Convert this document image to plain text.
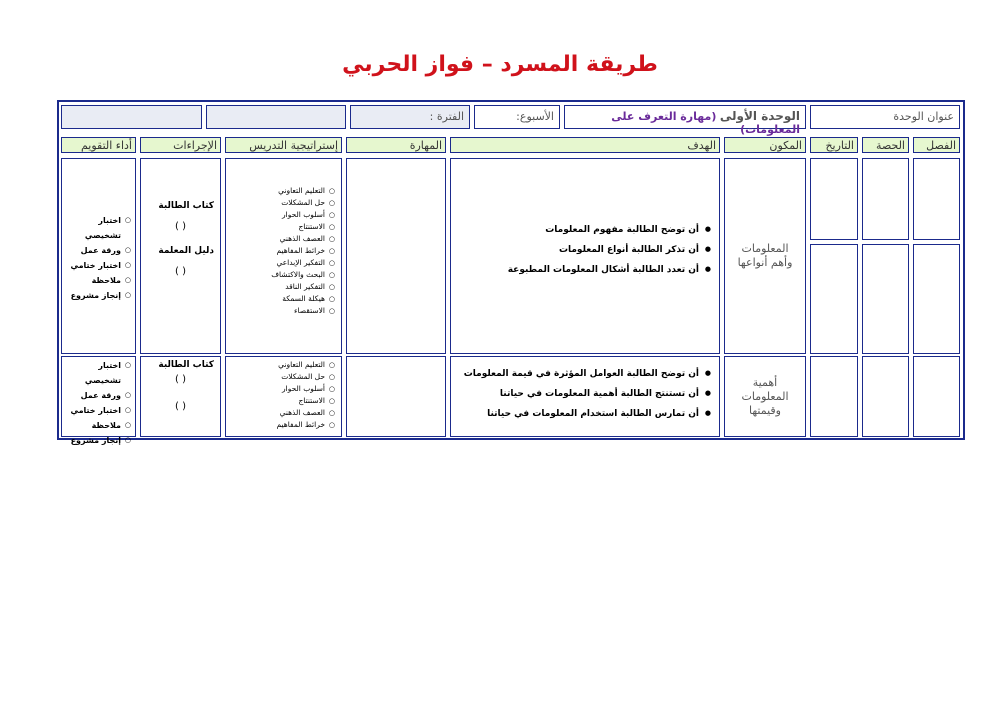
طريقة المسرد – فواز الحربي
عنوان الوحدة
الوحدة الأولى (مهارة التعرف على المعلومات)
الأسبوع:
الفترة :
الفصل
الحصة
التاريخ
المكون
الهدف
المهارة
إستراتيجية التدريس
الإجراءات
أداء التقويم
المعلومات وأهم أنواعها
● أن توضح الطالبة مفهوم المعلومات
● أن تذكر الطالبة أنواع المعلومات
● أن تعدد الطالبة أشكال المعلومات المطبوعة
○ التعليم التعاوني
○ حل المشكلات
○ أسلوب الحوار
○ الاستنتاج
○ العصف الذهني
○ خرائط المفاهيم
○ التفكير الإبداعي
○ البحث والاكتشاف
○ التفكير الناقد
○ هيكلة السمكة
○ الاستقصاء
كتاب الطالبة
( )
دليل المعلمة
( )
○ اختبار تشخيصي
○ ورقة عمل
○ اختبار ختامي
○ ملاحظة
○ إنجاز مشروع
أهمية المعلومات وقيمتها
● أن توضح الطالبة العوامل المؤثرة في قيمة المعلومات
● أن تستنتج الطالبة أهمية المعلومات في حياتنا
● أن تمارس الطالبة استخدام المعلومات في حياتنا
○ التعليم التعاوني
○ حل المشكلات
○ أسلوب الحوار
○ الاستنتاج
○ العصف الذهني
○ خرائط المفاهيم
كتاب الطالبة
( )
( )
○ اختبار تشخيصي
○ ورقة عمل
○ اختبار ختامي
○ ملاحظة
○ إنجاز مشروع
